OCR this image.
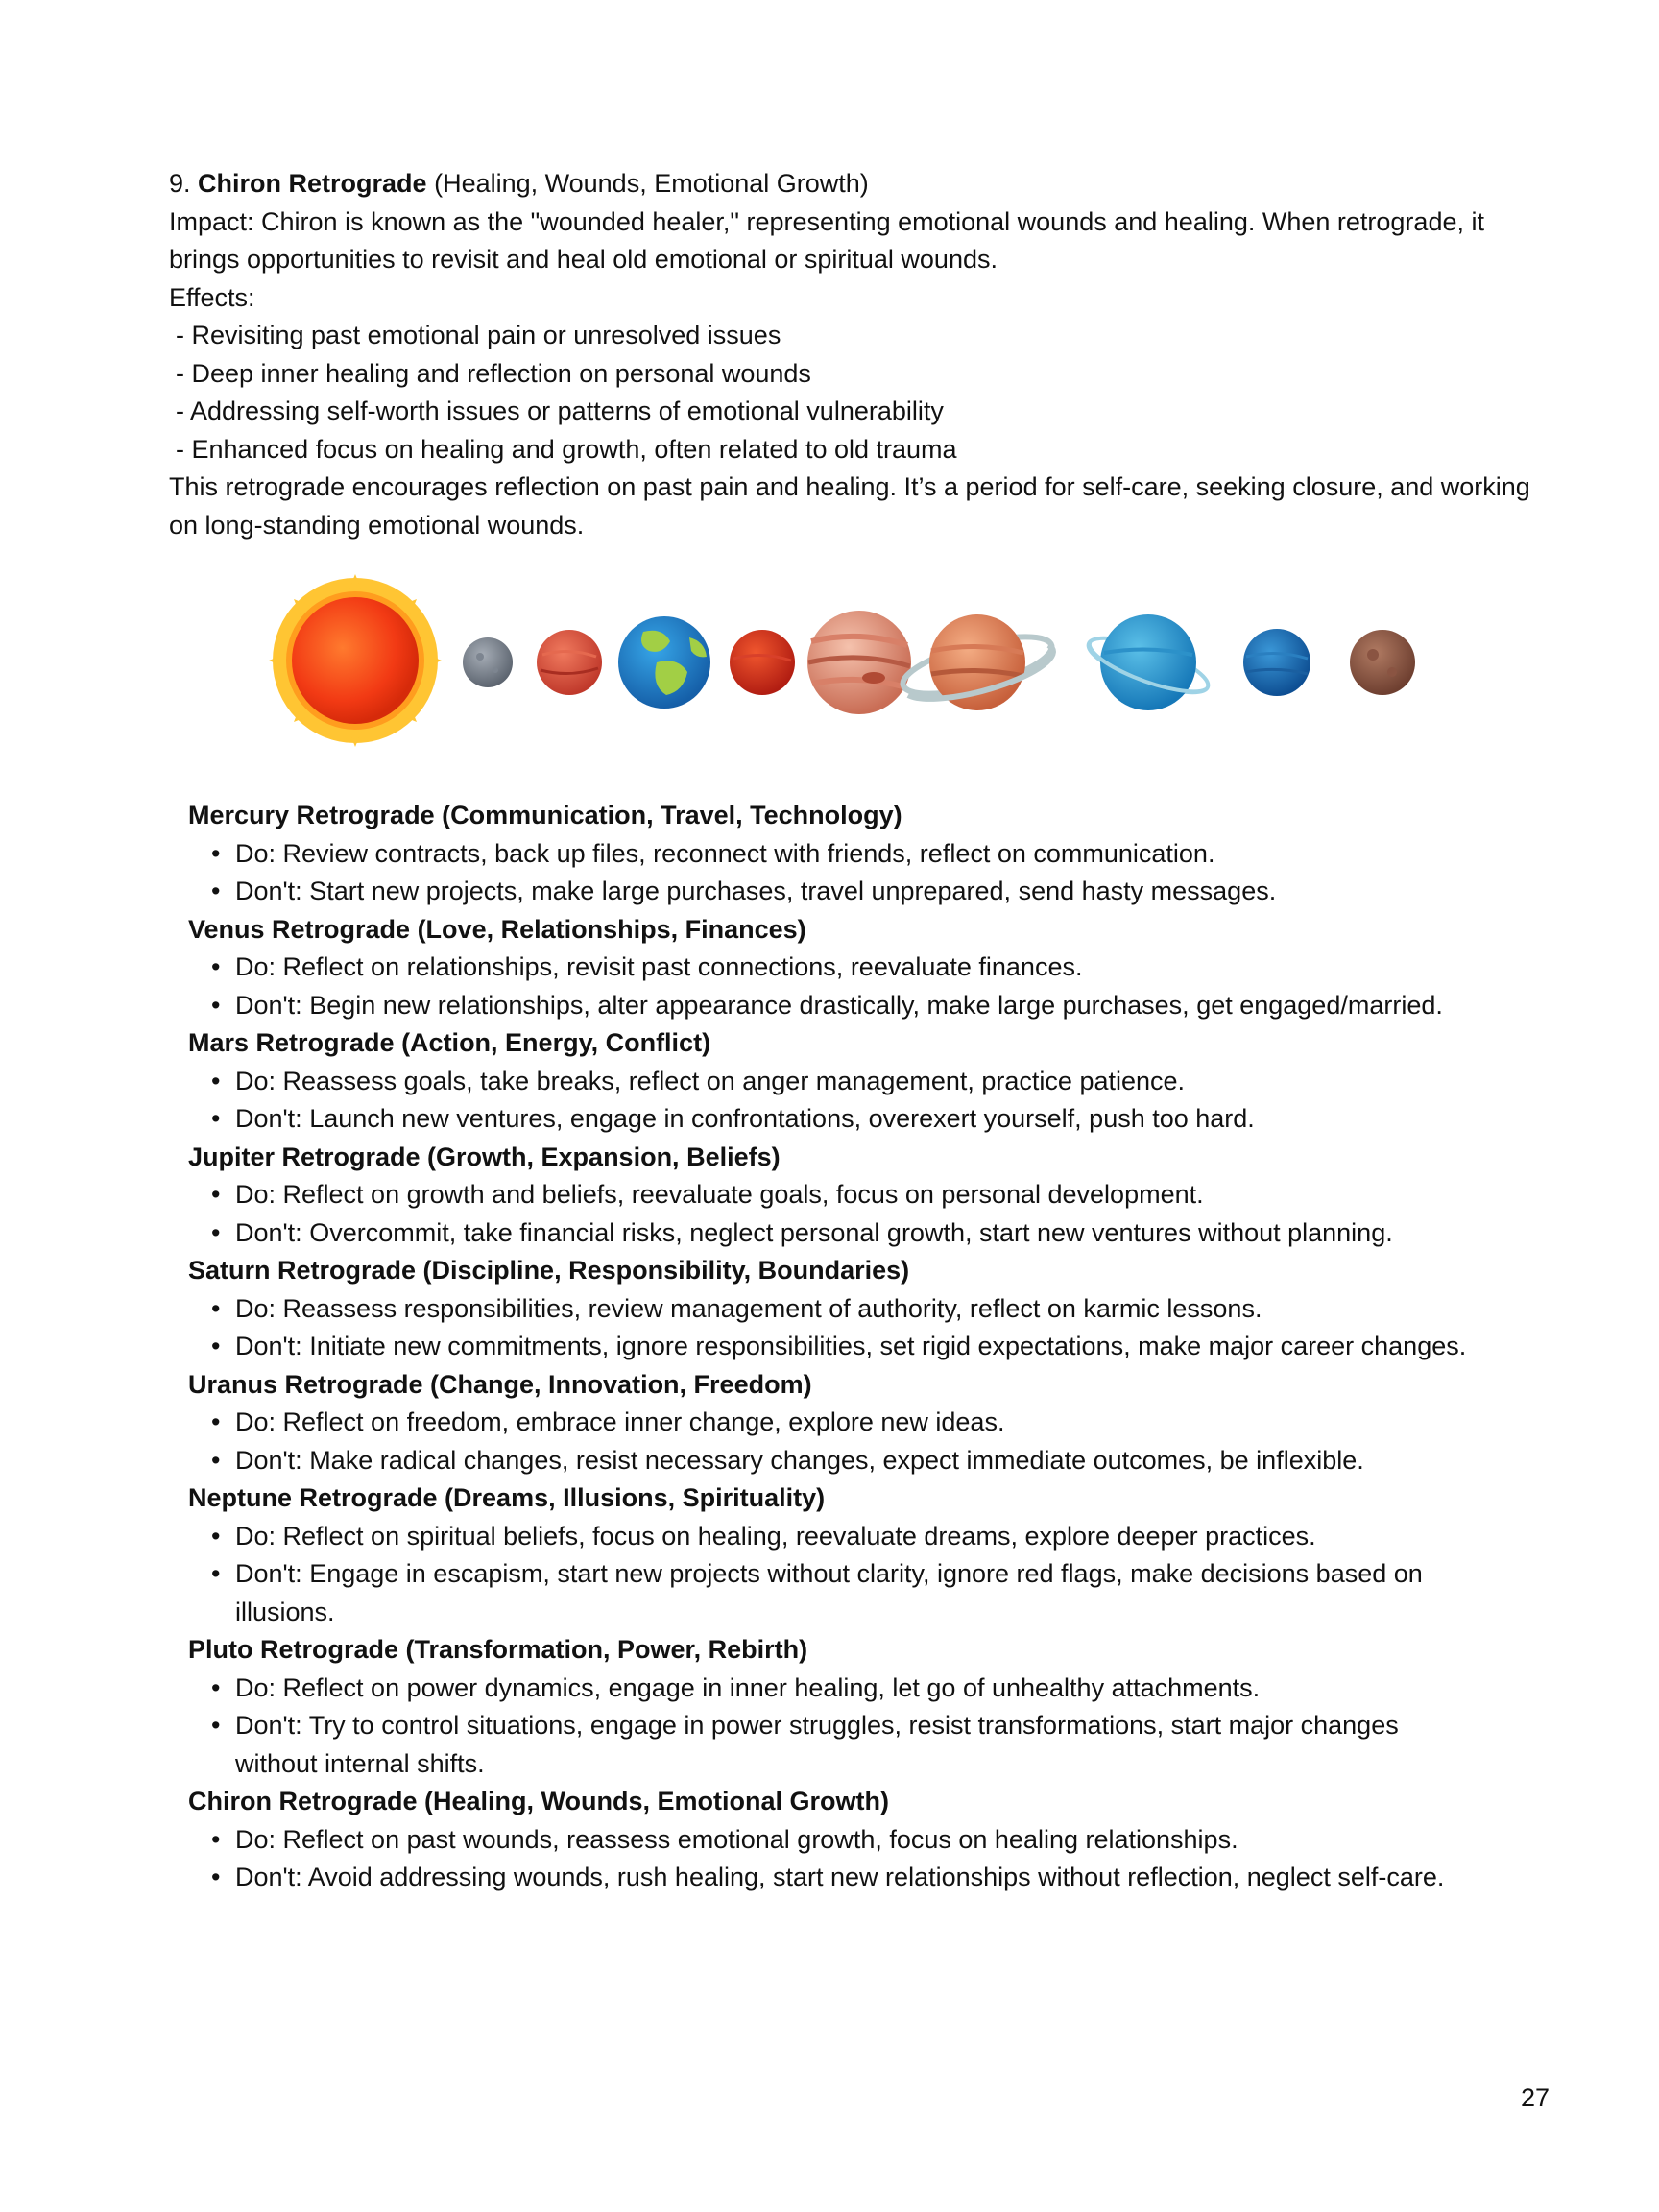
9. Chiron Retrograde (Healing, Wounds, Emotional Growth)

Impact: Chiron is known as the "wounded healer," representing emotional wounds and healing. When retrograde, it brings opportunities to revisit and heal old emotional or spiritual wounds.

Effects:

- Revisiting past emotional pain or unresolved issues

- Deep inner healing and reflection on personal wounds

- Addressing self-worth issues or patterns of emotional vulnerability

- Enhanced focus on healing and growth, often related to old trauma

This retrograde encourages reflection on past pain and healing. It’s a period for self-care, seeking closure, and working on long-standing emotional wounds.

Mercury Retrograde (Communication, Travel, Technology)
• Do: Review contracts, back up files, reconnect with friends, reflect on communication.
• Don't: Start new projects, make large purchases, travel unprepared, send hasty messages.
Venus Retrograde (Love, Relationships, Finances)
• Do: Reflect on relationships, revisit past connections, reevaluate finances.
• Don't: Begin new relationships, alter appearance drastically, make large purchases, get engaged/married.
Mars Retrograde (Action, Energy, Conflict)
• Do: Reassess goals, take breaks, reflect on anger management, practice patience.
• Don't: Launch new ventures, engage in confrontations, overexert yourself, push too hard.
Jupiter Retrograde (Growth, Expansion, Beliefs)
• Do: Reflect on growth and beliefs, reevaluate goals, focus on personal development.
• Don't: Overcommit, take financial risks, neglect personal growth, start new ventures without planning.
Saturn Retrograde (Discipline, Responsibility, Boundaries)
• Do: Reassess responsibilities, review management of authority, reflect on karmic lessons.
• Don't: Initiate new commitments, ignore responsibilities, set rigid expectations, make major career changes.
Uranus Retrograde (Change, Innovation, Freedom)
• Do: Reflect on freedom, embrace inner change, explore new ideas.
• Don't: Make radical changes, resist necessary changes, expect immediate outcomes, be inflexible.
Neptune Retrograde (Dreams, Illusions, Spirituality)
• Do: Reflect on spiritual beliefs, focus on healing, reevaluate dreams, explore deeper practices.
• Don't: Engage in escapism, start new projects without clarity, ignore red flags, make decisions based on illusions.
Pluto Retrograde (Transformation, Power, Rebirth)
• Do: Reflect on power dynamics, engage in inner healing, let go of unhealthy attachments.
• Don't: Try to control situations, engage in power struggles, resist transformations, start major changes without internal shifts.
Chiron Retrograde (Healing, Wounds, Emotional Growth)
• Do: Reflect on past wounds, reassess emotional growth, focus on healing relationships.
• Don't: Avoid addressing wounds, rush healing, start new relationships without reflection, neglect self-care.
27
